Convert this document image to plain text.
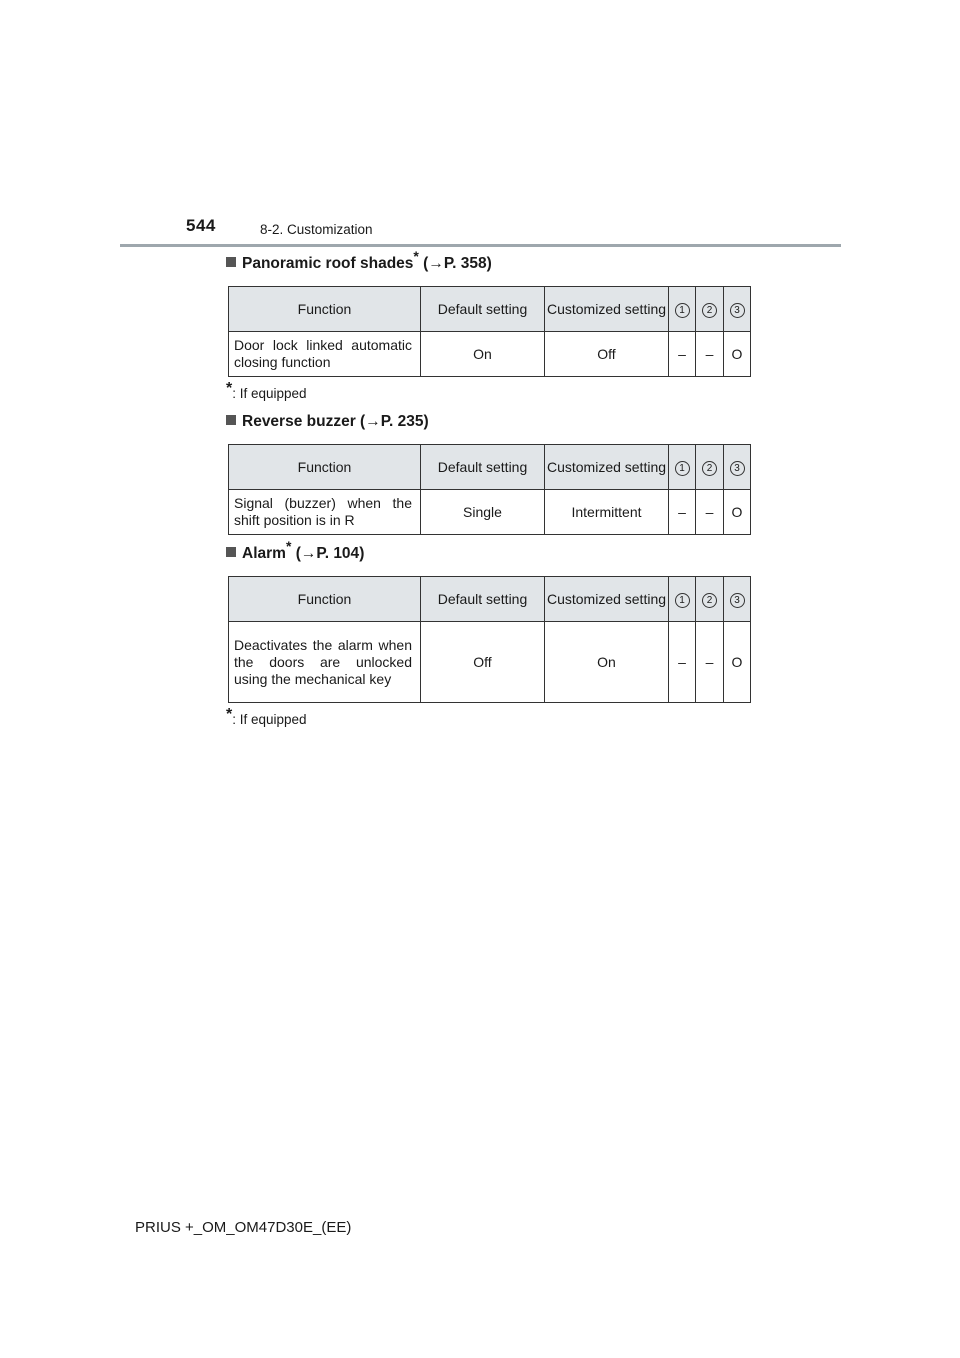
544	8-2. Customization
Panoramic roof shades* (→P. 358)
Function	Default setting	Customized setting	1	2	3
Door lock linked automatic closing function	On	Off	–	–	O
*: If equipped
Reverse buzzer (→P. 235)
Function	Default setting	Customized setting	1	2	3
Signal (buzzer) when the shift position is in R	Single	Intermittent	–	–	O
Alarm* (→P. 104)
Function	Default setting	Customized setting	1	2	3
Deactivates the alarm when the doors are unlocked using the mechanical key	Off	On	–	–	O
*: If equipped
PRIUS +_OM_OM47D30E_(EE)
